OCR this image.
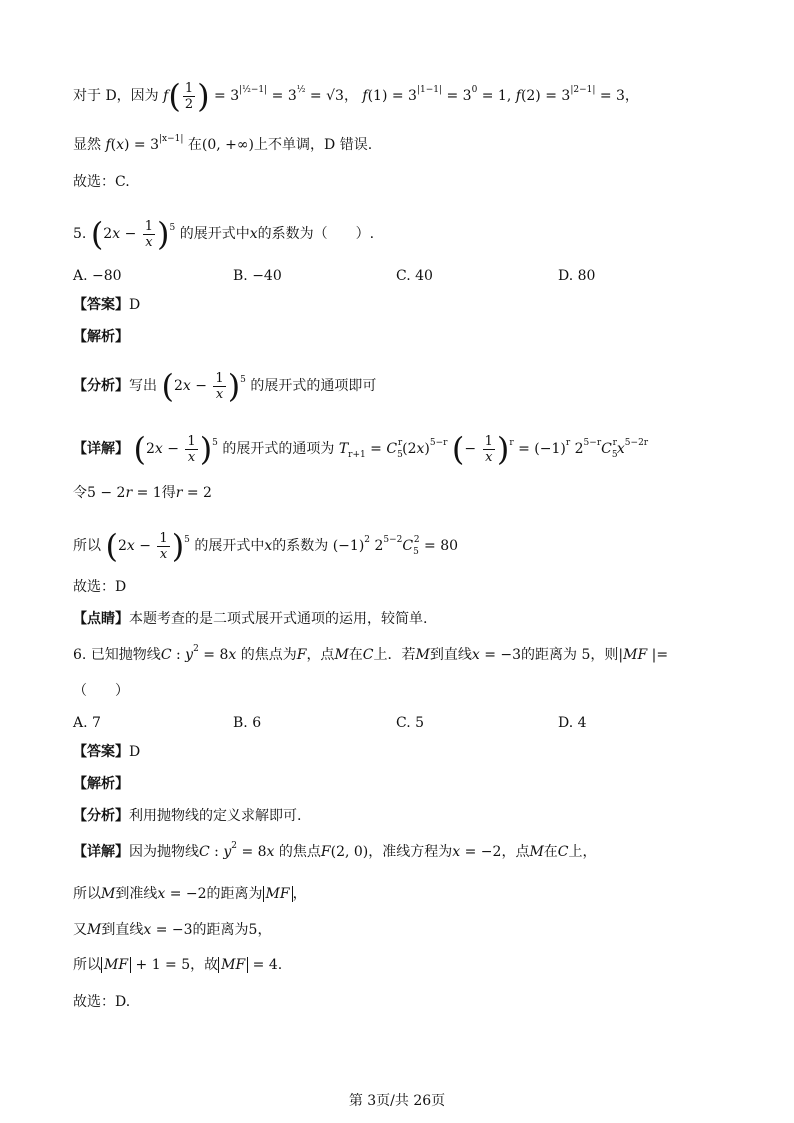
对于 D，因为 $f( \frac{1}{2}$ ) = $3^{|\frac{1}{2}-1|} = 3^{\frac{1}{2}} = √3$， $f(1) = 3^{|1-1|} = 3^0 = 1$, $f(2) = 3^{|2-1|} = 3$，
显然 $f(x) = 3^{|x-1|}$ 在(0, +∞)上不单调，D 错误.
故选：C.
5. $(2x - \frac{1}{x} )^5$ 的展开式中x的系数为（　　）.
A. −80	B. −40	C. 40	D. 80
【答案】D
【解析】
【分析】写出 $(2x - \frac{1}{x} )^5$ 的展开式的通项即可
【详解】 $(2x - \frac{1}{x} )^5$ 的展开式的通项为 $T_{r+1} = C_5^r(2x)^{5-r}$ (− $\frac{1}{x} )^r = (-1)^r$ $2^{5-r}C_5^rx^{5-2r}$
令5 − 2r = 1得r = 2
所以 $(2x - \frac{1}{x} )^5$ 的展开式中x的系数为 $(-1)^2$ $2^{5-2}C_5^2 = 80$
故选：D
【点睛】本题考查的是二项式展开式通项的运用，较简单.
6. 已知抛物线C : $y^2 = 8x$ 的焦点为F，点M在C上．若M到直线x = −3的距离为 5，则|MF |=
（　　）
A. 7	B. 6	C. 5	D. 4
【答案】D
【解析】
【分析】利用抛物线的定义求解即可.
【详解】因为抛物线C : $y^2 = 8x$ 的焦点F(2, 0)，准线方程为x = −2，点M在C上，
所以M到准线x = −2的距离为 MF ，
又M到直线x = −3的距离为5，
所以 MF + 1 = 5，故 MF = 4.
故选：D.
第 3页/共 26页
